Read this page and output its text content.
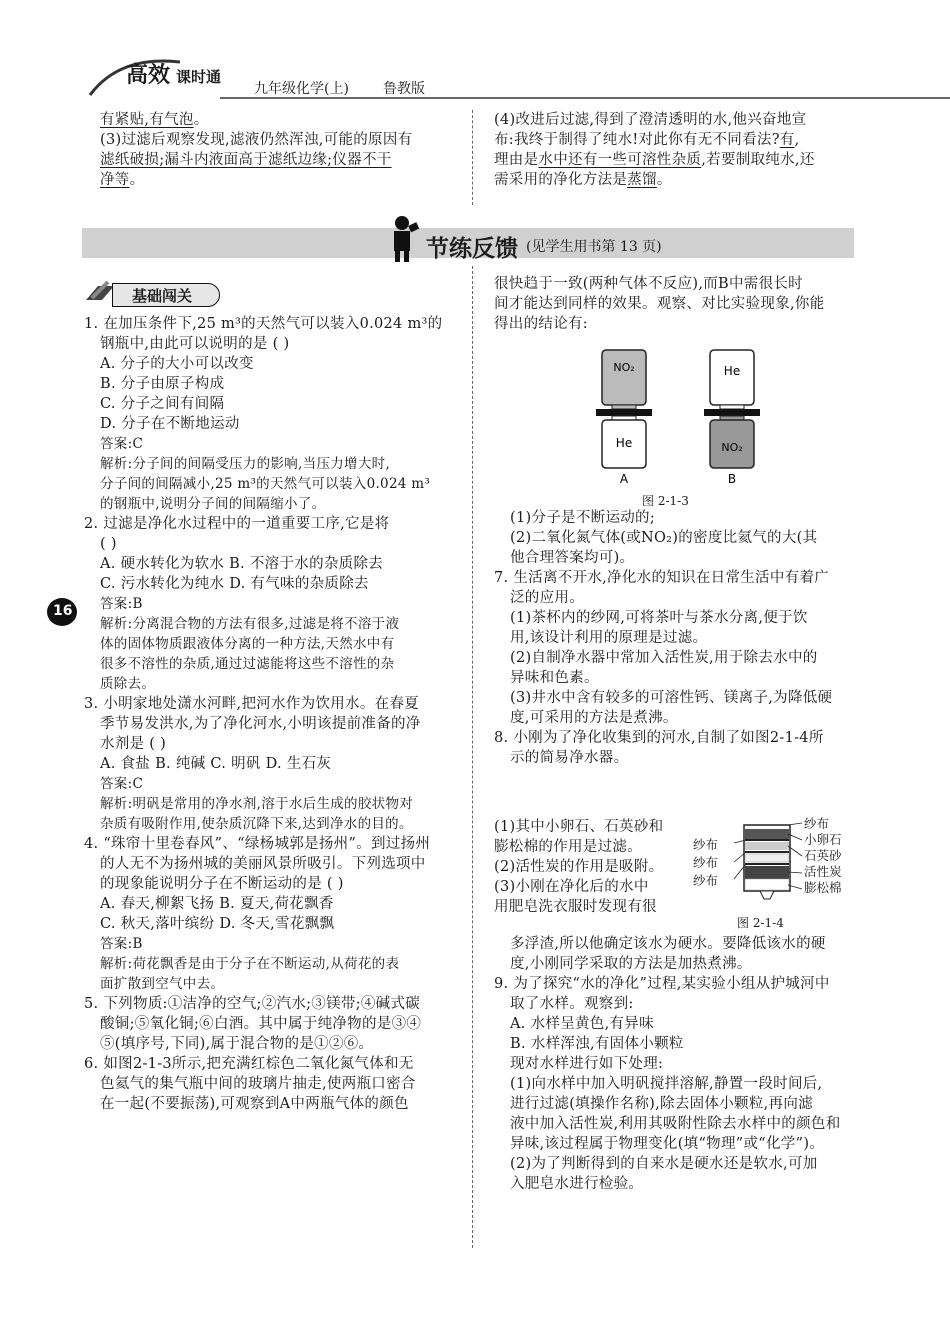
高效 课时通
九年级化学(上) 鲁教版
有紧贴,有气泡。
(3)过滤后观察发现,滤液仍然浑浊,可能的原因有
滤纸破损;漏斗内液面高于滤纸边缘;仪器不干
净等。
(4)改进后过滤,得到了澄清透明的水,他兴奋地宣
布:我终于制得了纯水!对此你有无不同看法?有,
理由是水中还有一些可溶性杂质,若要制取纯水,还
需采用的净化方法是蒸馏。
节练反馈 (见学生用书第 13 页)
基础闯关
16
1. 在加压条件下,25 m³的天然气可以装入0.024 m³的
钢瓶中,由此可以说明的是 ( )
A. 分子的大小可以改变
B. 分子由原子构成
C. 分子之间有间隔
D. 分子在不断地运动
答案:C
解析:分子间的间隔受压力的影响,当压力增大时,
分子间的间隔减小,25 m³的天然气可以装入0.024 m³
的钢瓶中,说明分子间的间隔缩小了。
2. 过滤是净化水过程中的一道重要工序,它是将
( )
A. 硬水转化为软水 B. 不溶于水的杂质除去
C. 污水转化为纯水 D. 有气味的杂质除去
答案:B
解析:分离混合物的方法有很多,过滤是将不溶于液
体的固体物质跟液体分离的一种方法,天然水中有
很多不溶性的杂质,通过过滤能将这些不溶性的杂
质除去。
3. 小明家地处潇水河畔,把河水作为饮用水。在春夏
季节易发洪水,为了净化河水,小明该提前准备的净
水剂是 ( )
A. 食盐 B. 纯碱 C. 明矾 D. 生石灰
答案:C
解析:明矾是常用的净水剂,溶于水后生成的胶状物对
杂质有吸附作用,使杂质沉降下来,达到净水的目的。
4. “珠帘十里卷春风”、“绿杨城郭是扬州”。到过扬州
的人无不为扬州城的美丽风景所吸引。下列选项中
的现象能说明分子在不断运动的是 ( )
A. 春天,柳絮飞扬 B. 夏天,荷花飘香
C. 秋天,落叶缤纷 D. 冬天,雪花飘飘
答案:B
解析:荷花飘香是由于分子在不断运动,从荷花的表
面扩散到空气中去。
5. 下列物质:①洁净的空气;②汽水;③镁带;④碱式碳
酸铜;⑤氧化铜;⑥白酒。其中属于纯净物的是③④
⑤(填序号,下同),属于混合物的是①②⑥。
6. 如图2-1-3所示,把充满红棕色二氧化氮气体和无
色氦气的集气瓶中间的玻璃片抽走,使两瓶口密合
在一起(不要振荡),可观察到A中两瓶气体的颜色
很快趋于一致(两种气体不反应),而B中需很长时
间才能达到同样的效果。观察、对比实验现象,你能
得出的结论有:
NO₂
He
He
NO₂
A	B
图 2-1-3
(1)分子是不断运动的;
(2)二氧化氮气体(或NO₂)的密度比氦气的大(其
他合理答案均可)。
7. 生活离不开水,净化水的知识在日常生活中有着广
泛的应用。
(1)茶杯内的纱网,可将茶叶与茶水分离,便于饮
用,该设计利用的原理是过滤。
(2)自制净水器中常加入活性炭,用于除去水中的
异味和色素。
(3)井水中含有较多的可溶性钙、镁离子,为降低硬
度,可采用的方法是煮沸。
8. 小刚为了净化收集到的河水,自制了如图2-1-4所
示的简易净水器。
(1)其中小卵石、石英砂和
膨松棉的作用是过滤。
(2)活性炭的作用是吸附。
(3)小刚在净化后的水中
用肥皂洗衣服时发现有很
纱布
纱布
纱布
纱布
小卵石
石英砂
活性炭
膨松棉
图 2-1-4
多浮渣,所以他确定该水为硬水。要降低该水的硬
度,小刚同学采取的方法是加热煮沸。
9. 为了探究“水的净化”过程,某实验小组从护城河中
取了水样。观察到:
A. 水样呈黄色,有异味
B. 水样浑浊,有固体小颗粒
现对水样进行如下处理:
(1)向水样中加入明矾搅拌溶解,静置一段时间后,
进行过滤(填操作名称),除去固体小颗粒,再向滤
液中加入活性炭,利用其吸附性除去水样中的颜色和
异味,该过程属于物理变化(填“物理”或“化学”)。
(2)为了判断得到的自来水是硬水还是软水,可加
入肥皂水进行检验。
